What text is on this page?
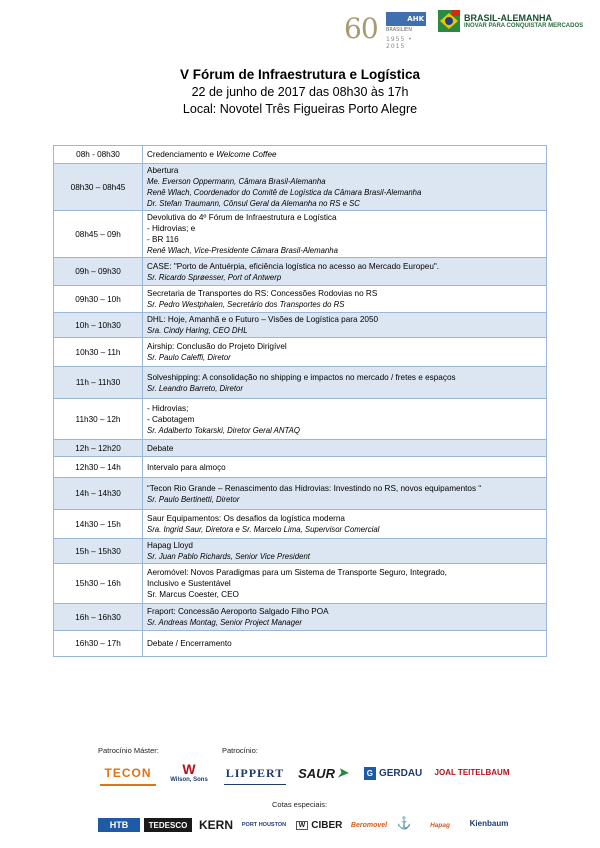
60	AHK
BRASILIEN
1955 • 2015
BRASIL-ALEMANHA
INOVAR PARA CONQUISTAR MERCADOS
V Fórum de Infraestrutura e Logística
22 de junho de 2017 das 08h30 às 17h
Local: Novotel Três Figueiras Porto Alegre
08h - 08h30	Credenciamento e Welcome Coffee

08h30 – 08h45	Abertura
Me. Everson Oppermann, Câmara Brasil-Alemanha
Renê Wlach, Coordenador do Comitê de Logística da Câmara Brasil-Alemanha
Dr. Stefan Traumann, Cônsul Geral da Alemanha no RS e SC

08h45 – 09h	Devolutiva do 4º Fórum de Infraestrutura e Logística
- Hidrovias; e
- BR 116
Renê Wlach, Vice-Presidente Câmara Brasil-Alemanha

09h – 09h30	CASE: "Porto de Antuérpia, eficiência logística no acesso ao Mercado Europeu".
Sr. Ricardo Sprøesser, Port of Antwerp

09h30 – 10h	Secretaria de Transportes do RS: Concessões Rodovias no RS
Sr. Pedro Westphalen, Secretário dos Transportes do RS

10h – 10h30	DHL: Hoje, Amanhã e o Futuro – Visões de Logística para 2050
Sra. Cindy Haring, CEO DHL

10h30 – 11h	Airship: Conclusão do Projeto Dirigível
Sr. Paulo Caleffi, Diretor

11h – 11h30	Solveshipping: A consolidação no shipping e impactos no mercado / fretes e espaços
Sr. Leandro Barreto, Diretor

11h30 – 12h	- Hidrovias;
- Cabotagem
Sr. Adalberto Tokarski, Diretor Geral ANTAQ

12h – 12h20	Debate

12h30 – 14h	Intervalo para almoço

14h – 14h30	“Tecon Rio Grande – Renascimento das Hidrovias: Investindo no RS, novos equipamentos “
Sr. Paulo Bertinetti, Diretor

14h30 – 15h	Saur Equipamentos: Os desafios da logística moderna
Sra. Ingrid Saur, Diretora e Sr. Marcelo Lima, Supervisor Comercial

15h – 15h30	Hapag Lloyd
Sr. Juan Pablo Richards, Senior Vice President

15h30 – 16h	Aeromóvel: Novos Paradigmas para um Sistema de Transporte Seguro, Integrado,
Inclusivo e Sustentável
Sr. Marcus Coester, CEO

16h – 16h30	Fraport: Concessão Aeroporto Salgado Filho POA
Sr. Andreas Montag, Senior Project Manager

16h30 – 17h	Debate / Encerramento
Patrocínio Máster:	Patrocínio:
TECON	W
Wilson, Sons
LIPPERT SAUR ➤	G GERDAU	JOAL TEITELBAUM
Cotas especiais:
HTB	TEDESCO KERN	PORT HOUSTON	W CIBER	Beromovel ⚓	Hapag	Kienbaum
